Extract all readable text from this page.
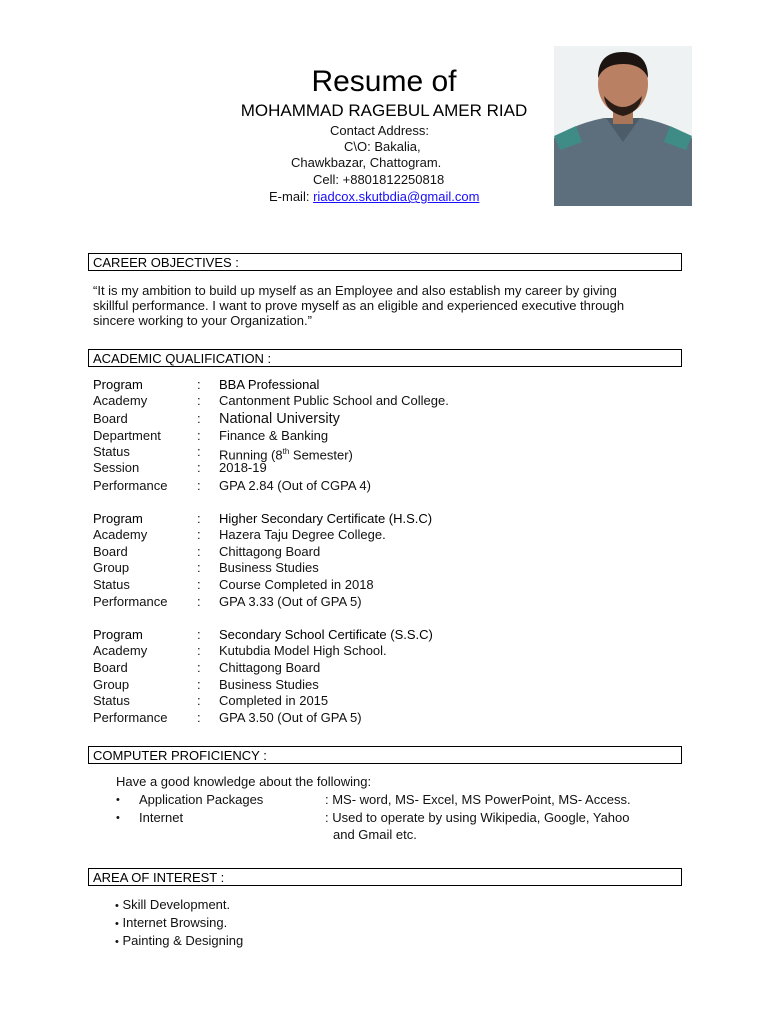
Resume of
MOHAMMAD RAGEBUL AMER RIAD
Contact Address:
C\O: Bakalia,
Chawkbazar, Chattogram.
Cell: +8801812250818
E-mail: riadcox.skutbdia@gmail.com
CAREER OBJECTIVES :
“It is my ambition to build up myself as an Employee and also establish my career by giving
skillful performance. I want to prove myself as an eligible and experienced executive through
sincere working to your Organization.”
ACADEMIC QUALIFICATION :
Program	: BBA Professional
Academy	: Cantonment Public School and College.
Board	: National University
Department	: Finance & Banking
Status	: Running (8th Semester)
Session	: 2018-19
Performance : GPA 2.84 (Out of CGPA 4)
Program	: Higher Secondary Certificate (H.S.C)
Academy	: Hazera Taju Degree College.
Board	: Chittagong Board
Group	: Business Studies
Status	: Course Completed in 2018
Performance : GPA 3.33 (Out of GPA 5)
Program	: Secondary School Certificate (S.S.C)
Academy	: Kutubdia Model High School.
Board	: Chittagong Board
Group	: Business Studies
Status	: Completed in 2015
Performance : GPA 3.50 (Out of GPA 5)
COMPUTER PROFICIENCY :
Have a good knowledge about the following:
• Application Packages	: MS- word, MS- Excel, MS PowerPoint, MS- Access.
• Internet	: Used to operate by using Wikipedia, Google, Yahoo
and Gmail etc.
AREA OF INTEREST :
• Skill Development.
• Internet Browsing.
• Painting & Designing
